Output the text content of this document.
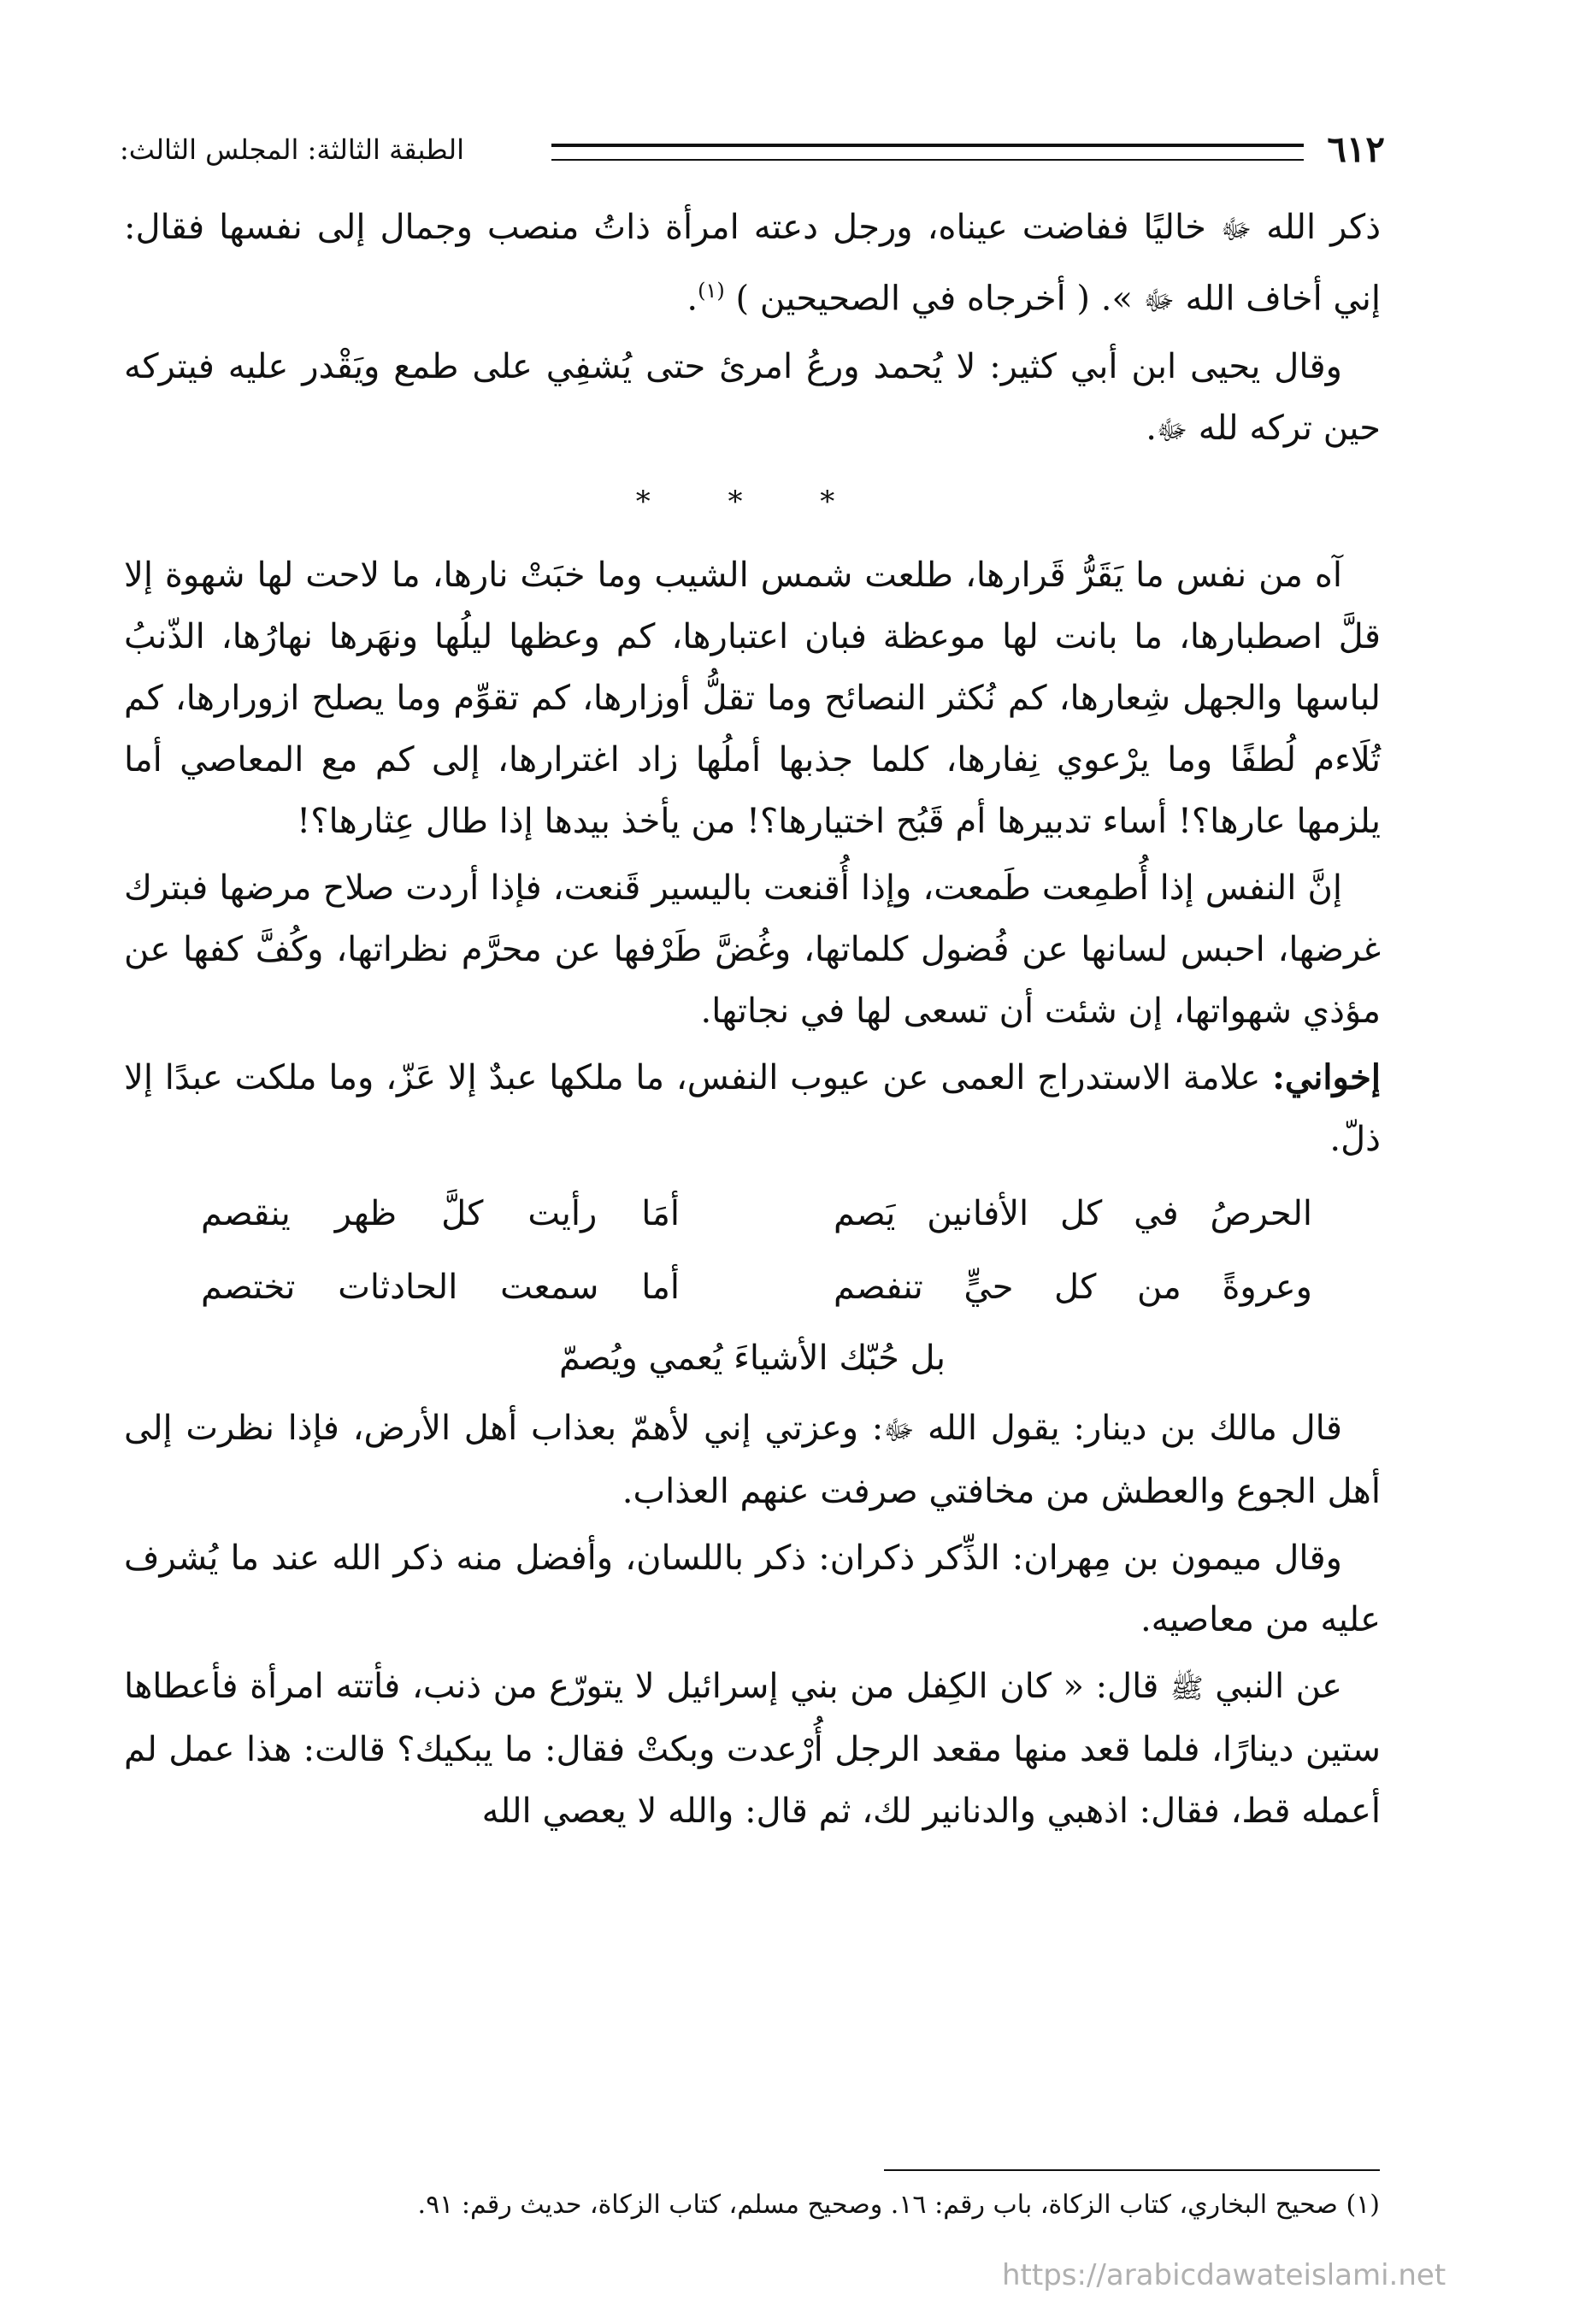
٦١٢
الطبقة الثالثة: المجلس الثالث:

ذكر الله ﷻ خاليًا ففاضت عيناه، ورجل دعته امرأة ذاتُ منصب وجمال إلى نفسها فقال: إني أخاف الله ﷻ ». ( أخرجاه في الصحيحين ) $^{(١)}$.

وقال يحيى ابن أبي كثير: لا يُحمد ورعُ امرئ حتى يُشفِي على طمع ويَقْدر عليه فيتركه حين تركه لله ﷻ.

* * *

آه من نفس ما يَقَرُّ قَرارها، طلعت شمس الشيب وما خبَتْ نارها، ما لاحت لها شهوة إلا قلَّ اصطبارها، ما بانت لها موعظة فبان اعتبارها، كم وعظها ليلُها ونهَرها نهارُها، الذّنبُ لباسها والجهل شِعارها، كم نُكثر النصائح وما تقلُّ أوزارها، كم تقوِّم وما يصلح ازورارها، كم تُلَاءم لُطفًا وما يرْعوي نِفارها، كلما جذبها أملُها زاد اغترارها، إلى كم مع المعاصي أما يلزمها عارها؟! أساء تدبيرها أم قَبُح اختيارها؟! من يأخذ بيدها إذا طال عِثارها؟!

إنَّ النفس إذا أُطمِعت طَمعت، وإذا أُقنعت باليسير قَنعت، فإذا أردت صلاح مرضها فبترك غرضها، احبس لسانها عن فُضول كلماتها، وغُضَّ طَرْفها عن محرَّم نظراتها، وكُفَّ كفها عن مؤذي شهواتها، إن شئت أن تسعى لها في نجاتها.

إخواني: علامة الاستدراج العمى عن عيوب النفس، ما ملكها عبدٌ إلا عَزّ، وما ملكت عبدًا إلا ذلّ.

الحرصُ في كل الأفانين يَصم
أمَا رأيت كلَّ ظهر ينقصم
وعروةً من كل حيٍّ تنفصم
أما سمعت الحادثات تختصم
بل حُبّك الأشياءَ يُعمي ويُصمّ

قال مالك بن دينار: يقول الله ﷻ: وعزتي إني لأهمّ بعذاب أهل الأرض، فإذا نظرت إلى أهل الجوع والعطش من مخافتي صرفت عنهم العذاب.

وقال ميمون بن مِهران: الذِّكر ذكران: ذكر باللسان، وأفضل منه ذكر الله عند ما يُشرف عليه من معاصيه.

عن النبي ﷺ قال: « كان الكِفل من بني إسرائيل لا يتورّع من ذنب، فأتته امرأة فأعطاها ستين دينارًا، فلما قعد منها مقعد الرجل أُرْعدت وبكتْ فقال: ما يبكيك؟ قالت: هذا عمل لم أعمله قط، فقال: اذهبي والدنانير لك، ثم قال: والله لا يعصي الله

(١) صحيح البخاري، كتاب الزكاة، باب رقم: ١٦. وصحيح مسلم، كتاب الزكاة، حديث رقم: ٩١.
https://arabicdawateislami.net
